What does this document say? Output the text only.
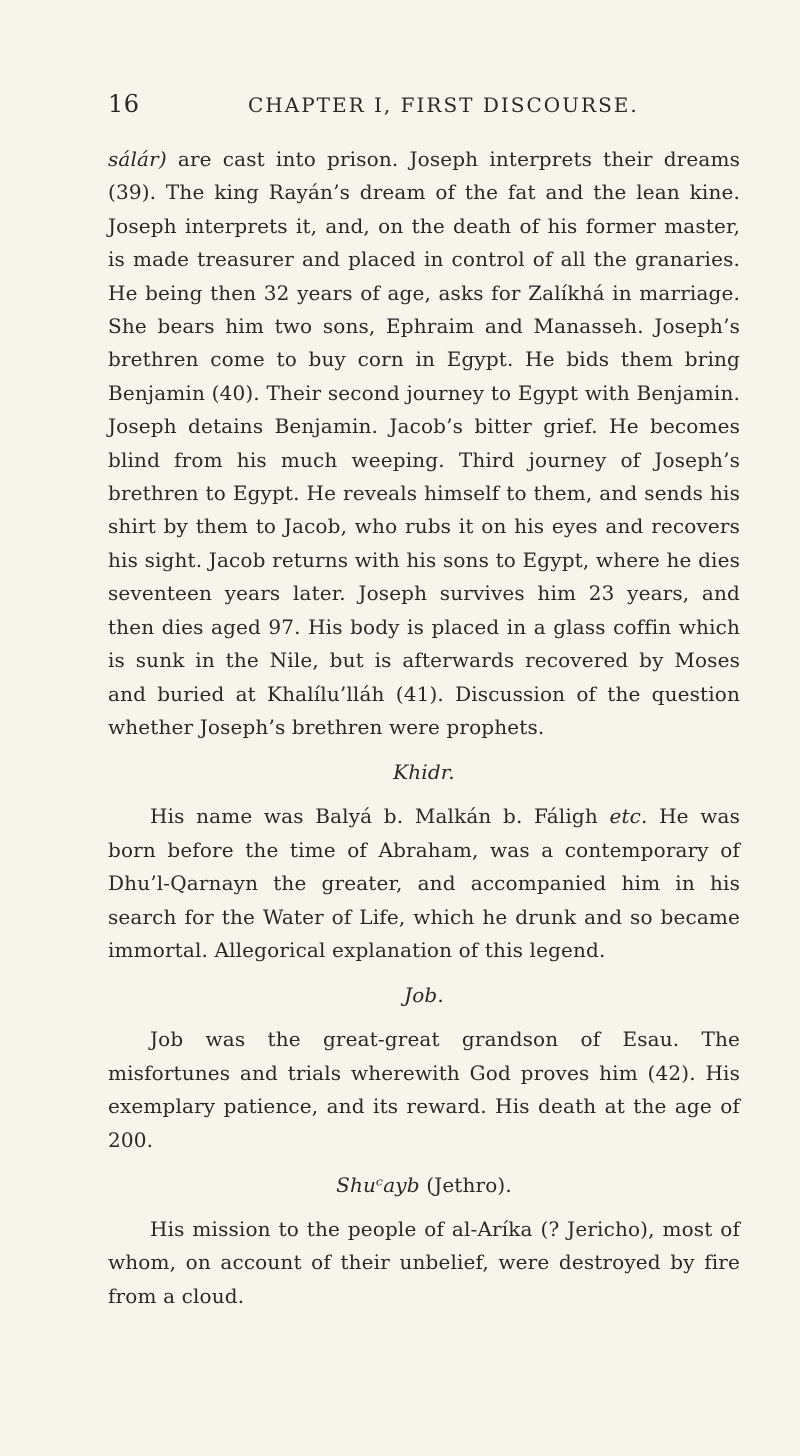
16	CHAPTER I, FIRST DISCOURSE.

sálár) are cast into prison. Joseph interprets their dreams (39). The king Rayán’s dream of the fat and the lean kine. Joseph interprets it, and, on the death of his former master, is made treasurer and placed in control of all the granaries. He being then 32 years of age, asks for Zalíkhá in marriage. She bears him two sons, Ephraim and Manasseh. Joseph’s brethren come to buy corn in Egypt. He bids them bring Benjamin (40). Their second journey to Egypt with Benjamin. Joseph detains Benjamin. Jacob’s bitter grief. He becomes blind from his much weeping. Third journey of Joseph’s brethren to Egypt. He reveals himself to them, and sends his shirt by them to Jacob, who rubs it on his eyes and recovers his sight. Jacob returns with his sons to Egypt, where he dies seventeen years later. Joseph survives him 23 years, and then dies aged 97. His body is placed in a glass coffin which is sunk in the Nile, but is afterwards recovered by Moses and buried at Khalílu’lláh (41). Discussion of the question whether Joseph’s brethren were prophets.

Khidr.

His name was Balyá b. Malkán b. Fáligh etc. He was born before the time of Abraham, was a contemporary of Dhu’l-Qarnayn the greater, and accompanied him in his search for the Water of Life, which he drunk and so became immortal. Allegorical explanation of this legend.

Job.

Job was the great-great grandson of Esau. The misfortunes and trials wherewith God proves him (42). His exemplary patience, and its reward. His death at the age of 200.

Shuᶜayb (Jethro).

His mission to the people of al-Aríka (? Jericho), most of whom, on account of their unbelief, were destroyed by fire from a cloud.
